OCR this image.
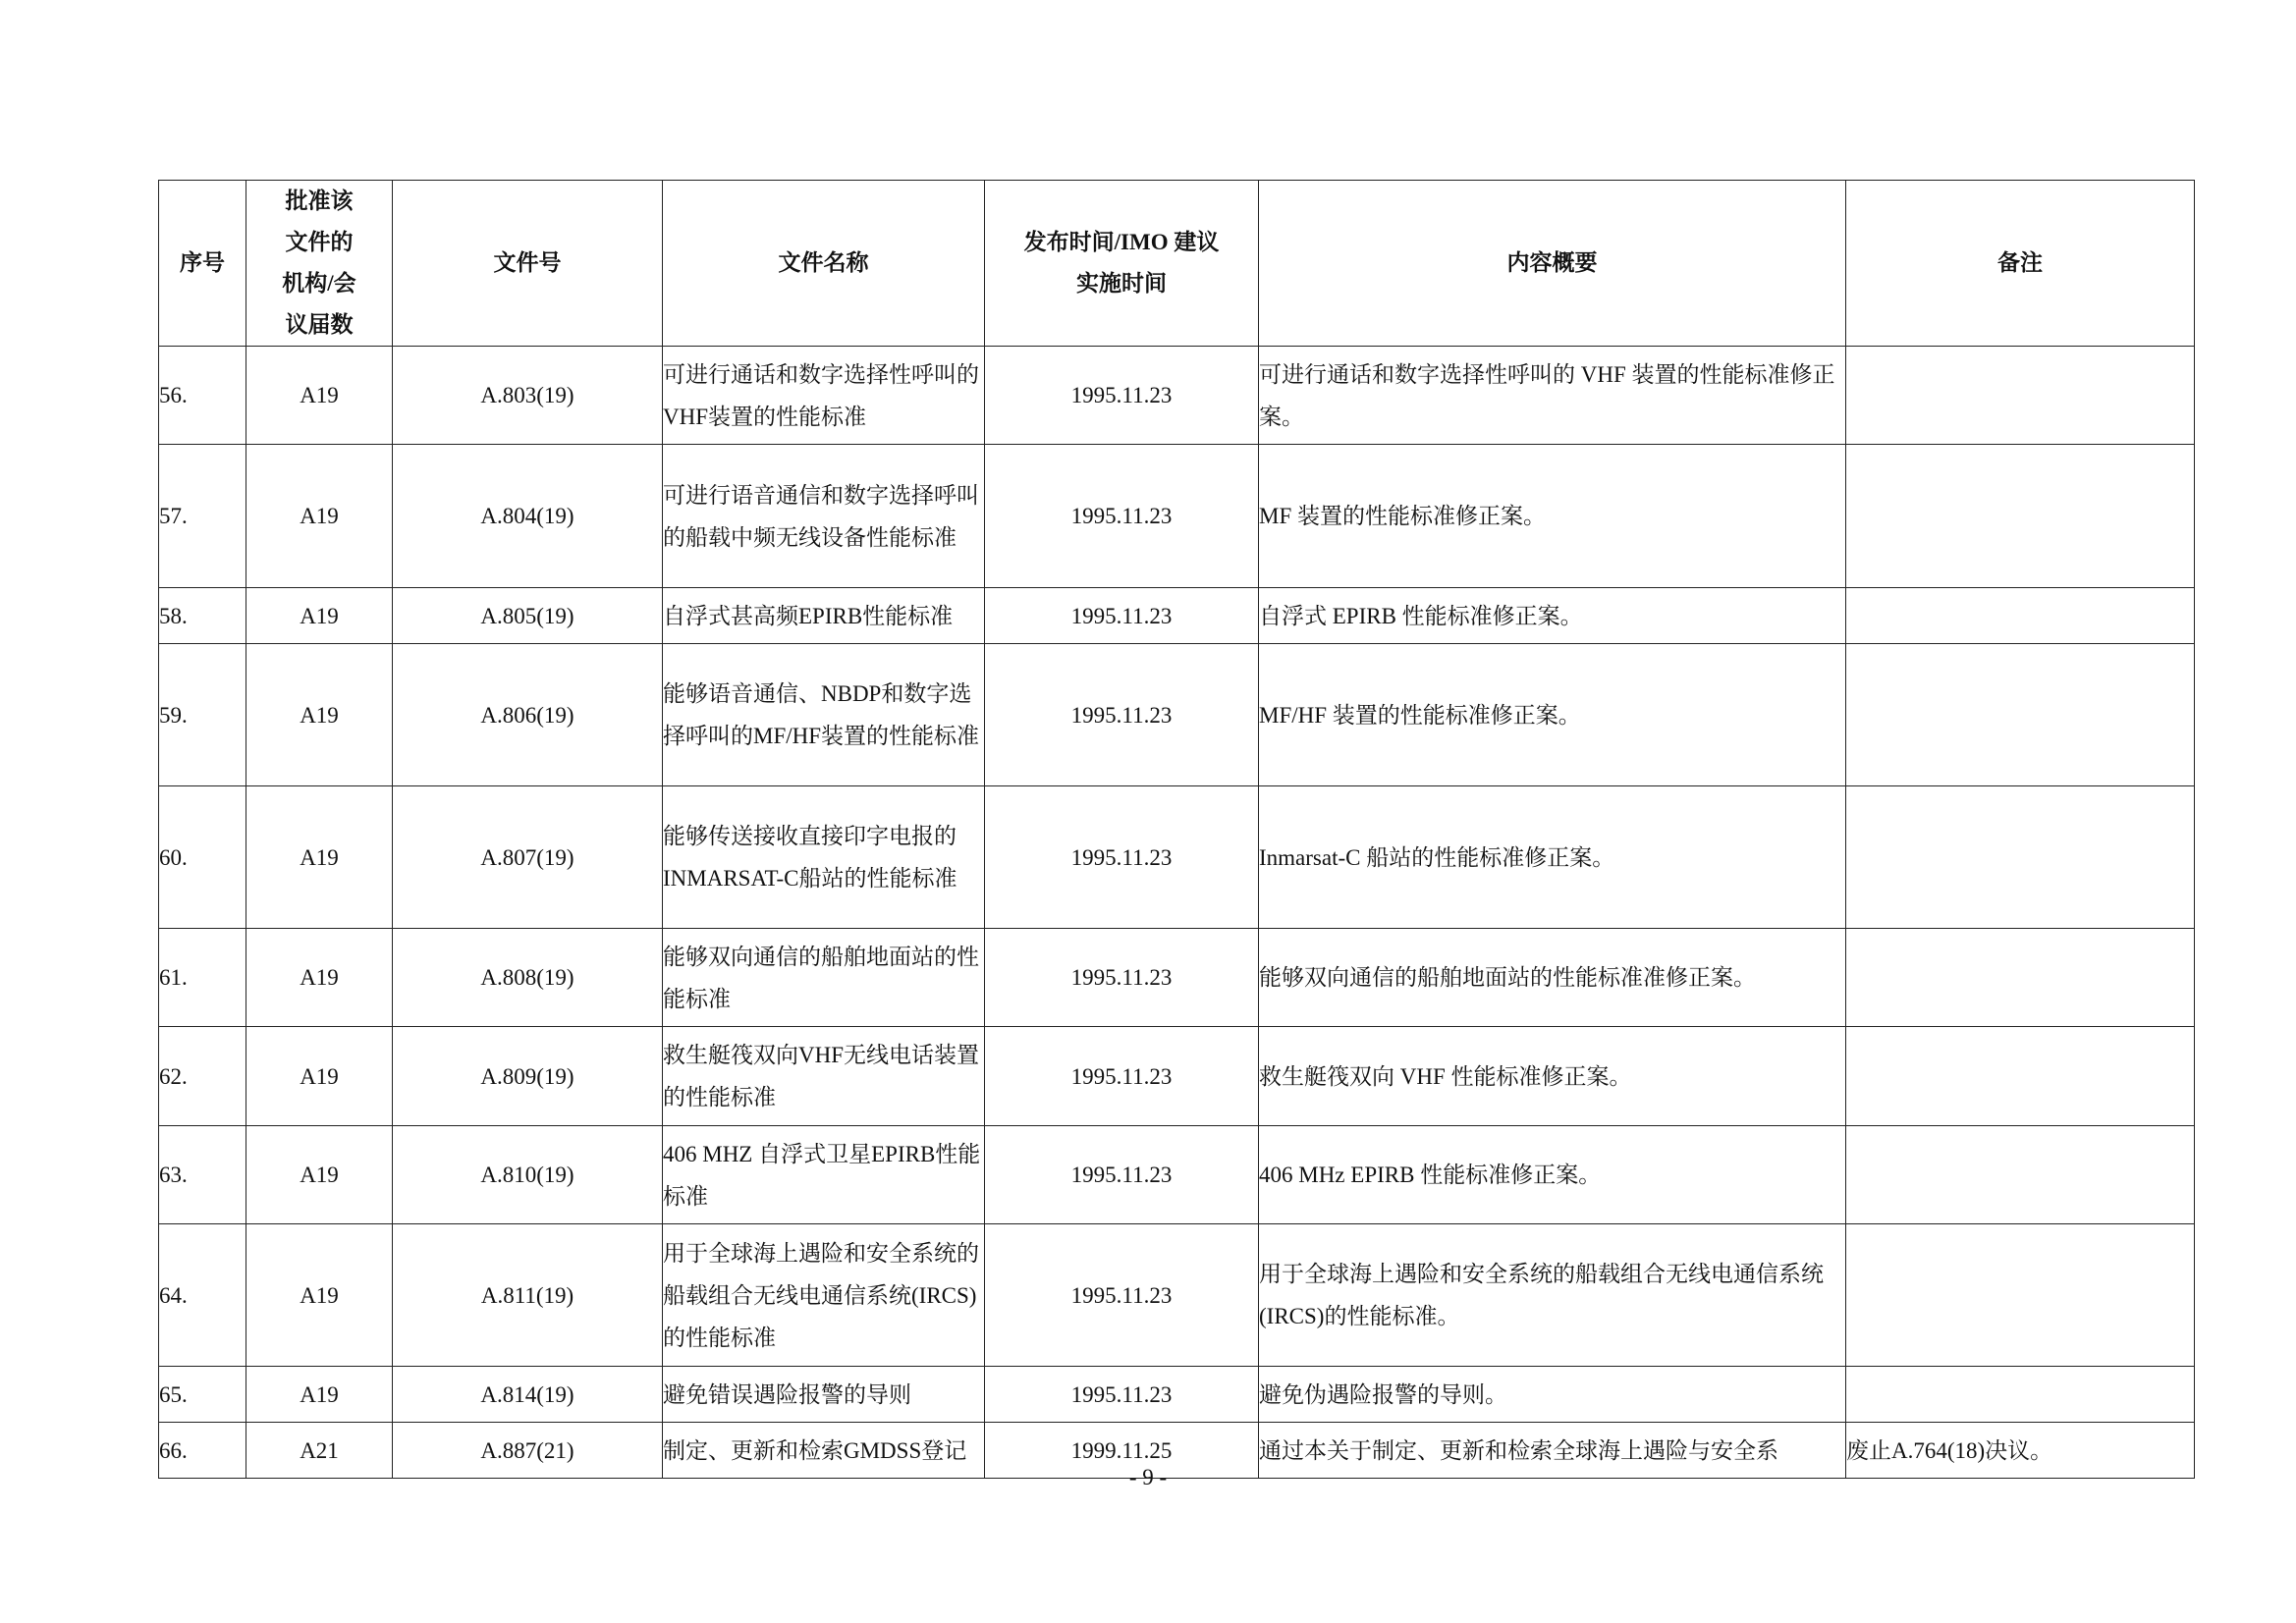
序号	批准该文件的机构/会议届数	文件号	文件名称	发布时间/IMO 建议实施时间	内容概要	备注
56.	A19	A.803(19)	可进行通话和数字选择性呼叫的VHF装置的性能标准	1995.11.23	可进行通话和数字选择性呼叫的 VHF 装置的性能标准修正案。	
57.	A19	A.804(19)	可进行语音通信和数字选择呼叫的船载中频无线设备性能标准	1995.11.23	MF 装置的性能标准修正案。	
58.	A19	A.805(19)	自浮式甚高频EPIRB性能标准	1995.11.23	自浮式 EPIRB 性能标准修正案。	
59.	A19	A.806(19)	能够语音通信、NBDP和数字选择呼叫的MF/HF装置的性能标准	1995.11.23	MF/HF 装置的性能标准修正案。	
60.	A19	A.807(19)	能够传送接收直接印字电报的INMARSAT-C船站的性能标准	1995.11.23	Inmarsat-C 船站的性能标准修正案。	
61.	A19	A.808(19)	能够双向通信的船舶地面站的性能标准	1995.11.23	能够双向通信的船舶地面站的性能标准准修正案。	
62.	A19	A.809(19)	救生艇筏双向VHF无线电话装置的性能标准	1995.11.23	救生艇筏双向 VHF 性能标准修正案。	
63.	A19	A.810(19)	406 MHZ 自浮式卫星EPIRB性能标准	1995.11.23	406 MHz EPIRB 性能标准修正案。	
64.	A19	A.811(19)	用于全球海上遇险和安全系统的船载组合无线电通信系统(IRCS)的性能标准	1995.11.23	用于全球海上遇险和安全系统的船载组合无线电通信系统(IRCS)的性能标准。	
65.	A19	A.814(19)	避免错误遇险报警的导则	1995.11.23	避免伪遇险报警的导则。	
66.	A21	A.887(21)	制定、更新和检索GMDSS登记	1999.11.25	通过本关于制定、更新和检索全球海上遇险与安全系	废止A.764(18)决议。
- 9 -
